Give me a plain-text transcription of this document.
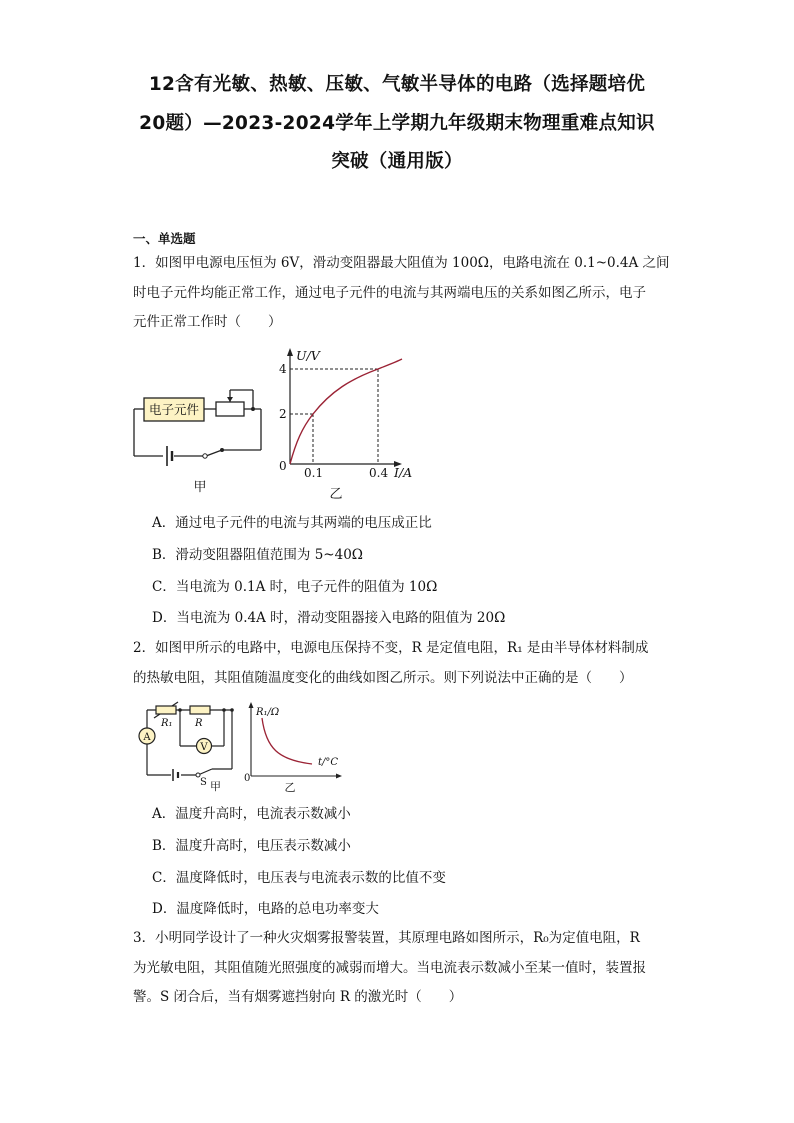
12含有光敏、热敏、压敏、气敏半导体的电路（选择题培优
20题）—2023-2024学年上学期九年级期末物理重难点知识
突破（通用版）
一、单选题
1．如图甲电源电压恒为 6V，滑动变阻器最大阻值为 100Ω，电路电流在 0.1~0.4A 之间
时电子元件均能正常工作，通过电子元件的电流与其两端电压的关系如图乙所示，电子
元件正常工作时（　　）
电子元件
甲
U/V
4
2
0 0.1	0.4 I/A
乙
A．通过电子元件的电流与其两端的电压成正比
B．滑动变阻器阻值范围为 5~40Ω
C．当电流为 0.1A 时，电子元件的阻值为 10Ω
D．当电流为 0.4A 时，滑动变阻器接入电路的阻值为 20Ω
2．如图甲所示的电路中，电源电压保持不变，R 是定值电阻，R₁ 是由半导体材料制成
的热敏电阻，其阻值随温度变化的曲线如图乙所示。则下列说法中正确的是（　　）
A
V
R₁ R
S 甲
R₁/Ω
t/°C
0
乙
A．温度升高时，电流表示数减小
B．温度升高时，电压表示数减小
C．温度降低时，电压表与电流表示数的比值不变
D．温度降低时，电路的总电功率变大
3．小明同学设计了一种火灾烟雾报警装置，其原理电路如图所示，R₀为定值电阻，R
为光敏电阻，其阻值随光照强度的减弱而增大。当电流表示数减小至某一值时，装置报
警。S 闭合后，当有烟雾遮挡射向 R 的激光时（　　）
